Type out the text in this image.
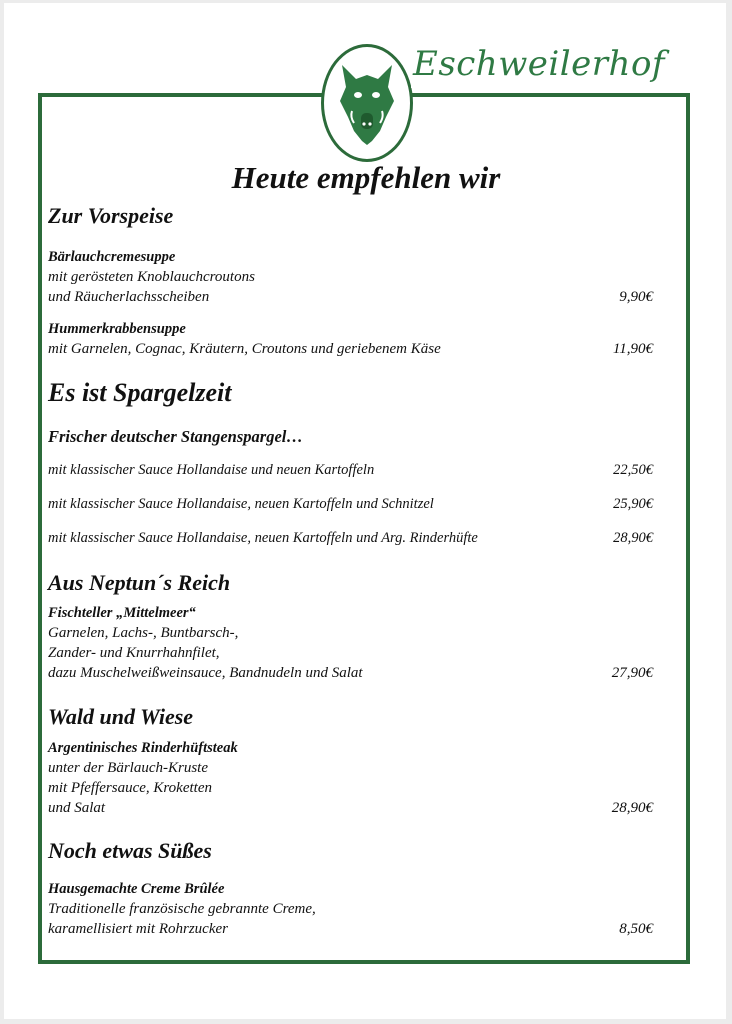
Eschweilerhof
Heute empfehlen wir
Zur Vorspeise
Bärlauchcremesuppe
mit gerösteten Knoblauchcroutons
und Räucherlachsscheiben	9,90€
Hummerkrabbensuppe
mit Garnelen, Cognac, Kräutern, Croutons und geriebenem Käse	11,90€
Es ist Spargelzeit
Frischer deutscher Stangenspargel…
mit klassischer Sauce Hollandaise und neuen Kartoffeln	22,50€
mit klassischer Sauce Hollandaise, neuen Kartoffeln und Schnitzel	25,90€
mit klassischer Sauce Hollandaise, neuen Kartoffeln und Arg. Rinderhüfte	28,90€
Aus Neptun´s Reich
Fischteller „Mittelmeer“
Garnelen, Lachs-, Buntbarsch-,
Zander- und Knurrhahnfilet,
dazu Muschelweißweinsauce, Bandnudeln und Salat	27,90€
Wald und Wiese
Argentinisches Rinderhüftsteak
unter der Bärlauch-Kruste
mit Pfeffersauce, Kroketten
und Salat	28,90€
Noch etwas Süßes
Hausgemachte Creme Brûlée
Traditionelle französische gebrannte Creme,
karamellisiert mit Rohrzucker	8,50€
